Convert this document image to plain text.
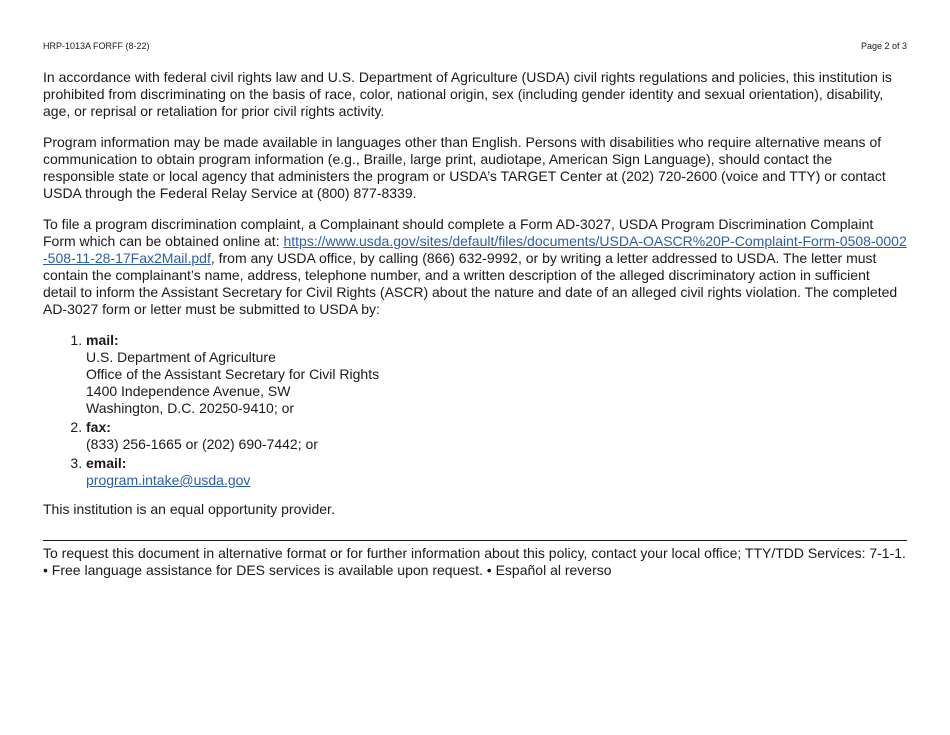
HRP-1013A FORFF (8-22)	Page 2 of 3

In accordance with federal civil rights law and U.S. Department of Agriculture (USDA) civil rights regulations and policies, this institution is prohibited from discriminating on the basis of race, color, national origin, sex (including gender identity and sexual orientation), disability, age, or reprisal or retaliation for prior civil rights activity.

Program information may be made available in languages other than English. Persons with disabilities who require alternative means of communication to obtain program information (e.g., Braille, large print, audiotape, American Sign Language), should contact the responsible state or local agency that administers the program or USDA’s TARGET Center at (202) 720-2600 (voice and TTY) or contact USDA through the Federal Relay Service at (800) 877-8339.

To file a program discrimination complaint, a Complainant should complete a Form AD-3027, USDA Program Discrimination Complaint Form which can be obtained online at: https://www.usda.gov/sites/default/files/documents/USDA-OASCR%20P-Complaint-Form-0508-0002-508-11-28-17Fax2Mail.pdf, from any USDA office, by calling (866) 632-9992, or by writing a letter addressed to USDA. The letter must contain the complainant’s name, address, telephone number, and a written description of the alleged discriminatory action in sufficient detail to inform the Assistant Secretary for Civil Rights (ASCR) about the nature and date of an alleged civil rights violation. The completed AD-3027 form or letter must be submitted to USDA by:

1. mail:
U.S. Department of Agriculture
Office of the Assistant Secretary for Civil Rights
1400 Independence Avenue, SW
Washington, D.C. 20250-9410; or
2. fax:
(833) 256-1665 or (202) 690-7442; or
3. email:
program.intake@usda.gov

This institution is an equal opportunity provider.

To request this document in alternative format or for further information about this policy, contact your local office; TTY/TDD Services: 7-1-1. • Free language assistance for DES services is available upon request. • Español al reverso
